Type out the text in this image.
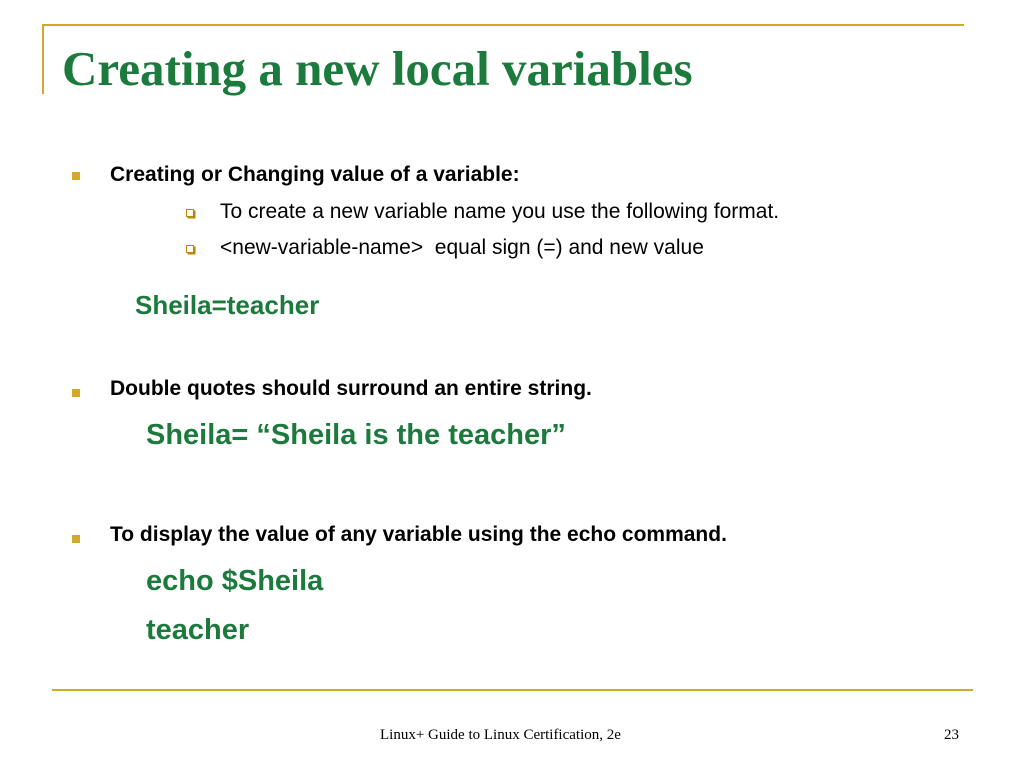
Creating a new local variables
Creating or Changing value of a variable:
To create a new variable name you use the following format.
<new-variable-name>  equal sign (=) and new value
Sheila=teacher
Double quotes should surround an entire string.
Sheila= “Sheila is the teacher”
To display the value of any variable using the echo command.
echo $Sheila
teacher
Linux+ Guide to Linux Certification, 2e	23
